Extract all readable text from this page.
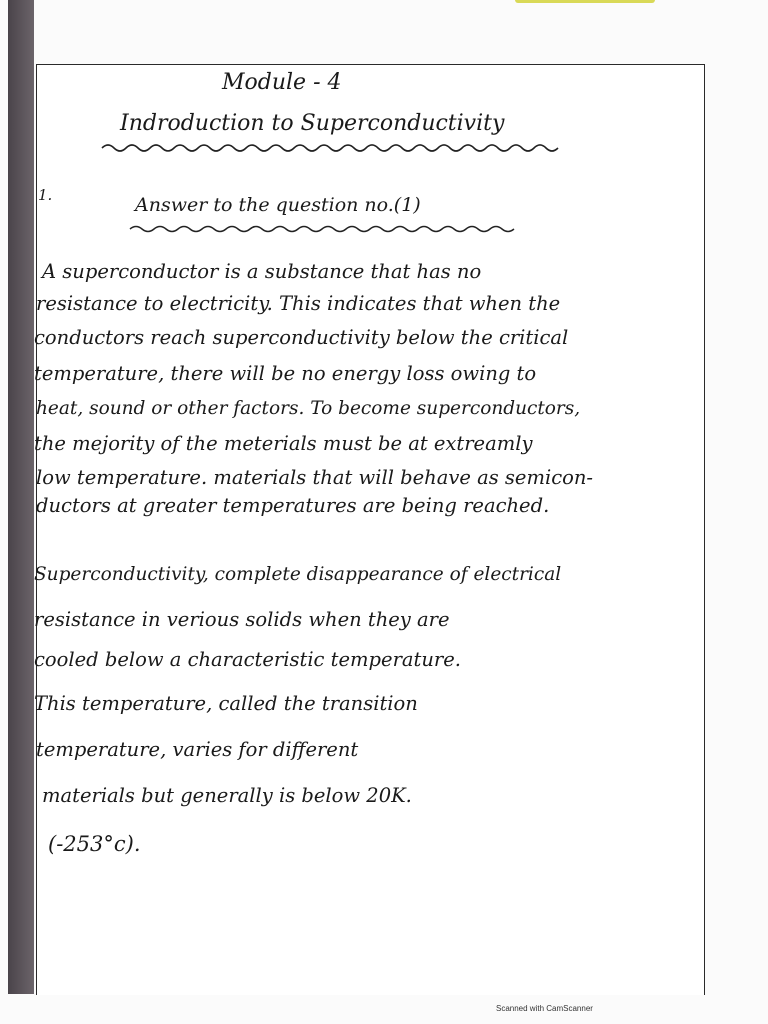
Module - 4
Indroduction to Superconductivity
1.	Answer to the question no.(1)
A superconductor is a substance that has no
resistance to electricity. This indicates that when the
conductors reach superconductivity below the critical
temperature, there will be no energy loss owing to
heat, sound or other factors. To become superconductors,
the mejority of the meterials must be at extreamly
low temperature. materials that will behave as semicon-
ductors at greater temperatures are being reached.
Superconductivity, complete disappearance of electrical
resistance in verious solids when they are
cooled below a characteristic temperature.
This temperature, called the transition
temperature, varies for different
materials but generally is below 20K.
(-253°c).
Scanned with CamScanner
